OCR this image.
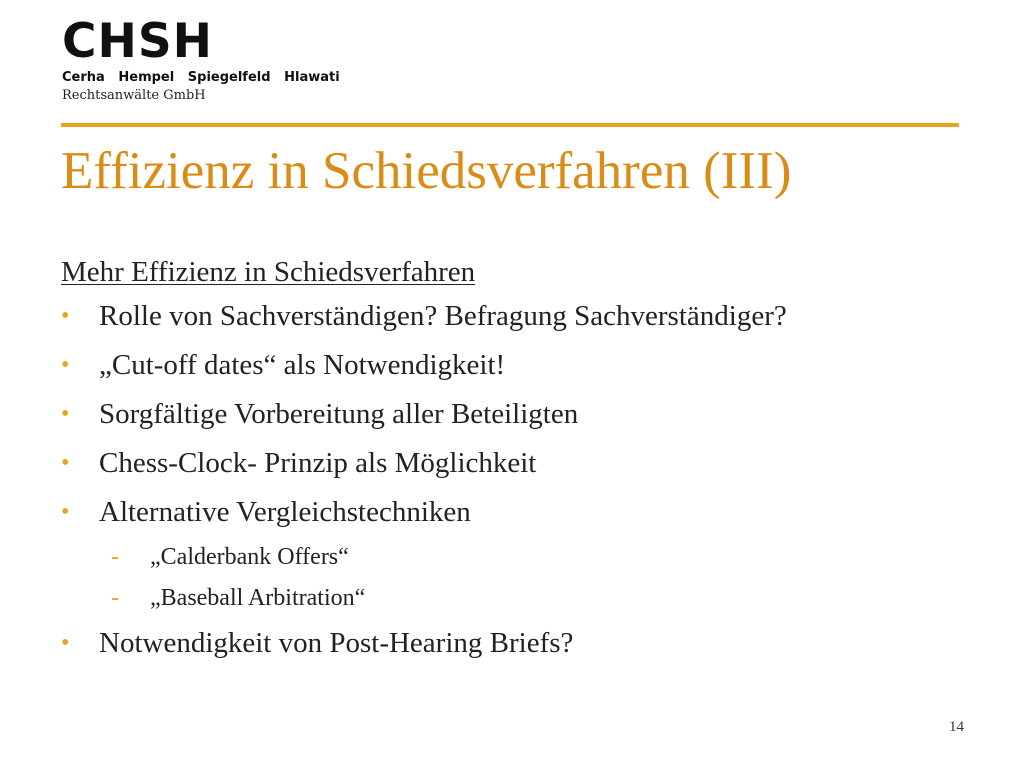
CHSH
Cerha   Hempel   Spiegelfeld   Hlawati
Rechtsanwälte GmbH
Effizienz in Schiedsverfahren (III)
Mehr Effizienz in Schiedsverfahren
• Rolle von Sachverständigen? Befragung Sachverständiger?
• „Cut-off dates“ als Notwendigkeit!
• Sorgfältige Vorbereitung aller Beteiligten
• Chess-Clock- Prinzip als Möglichkeit
• Alternative Vergleichstechniken
- „Calderbank Offers“
- „Baseball Arbitration“
• Notwendigkeit von Post-Hearing Briefs?
14
